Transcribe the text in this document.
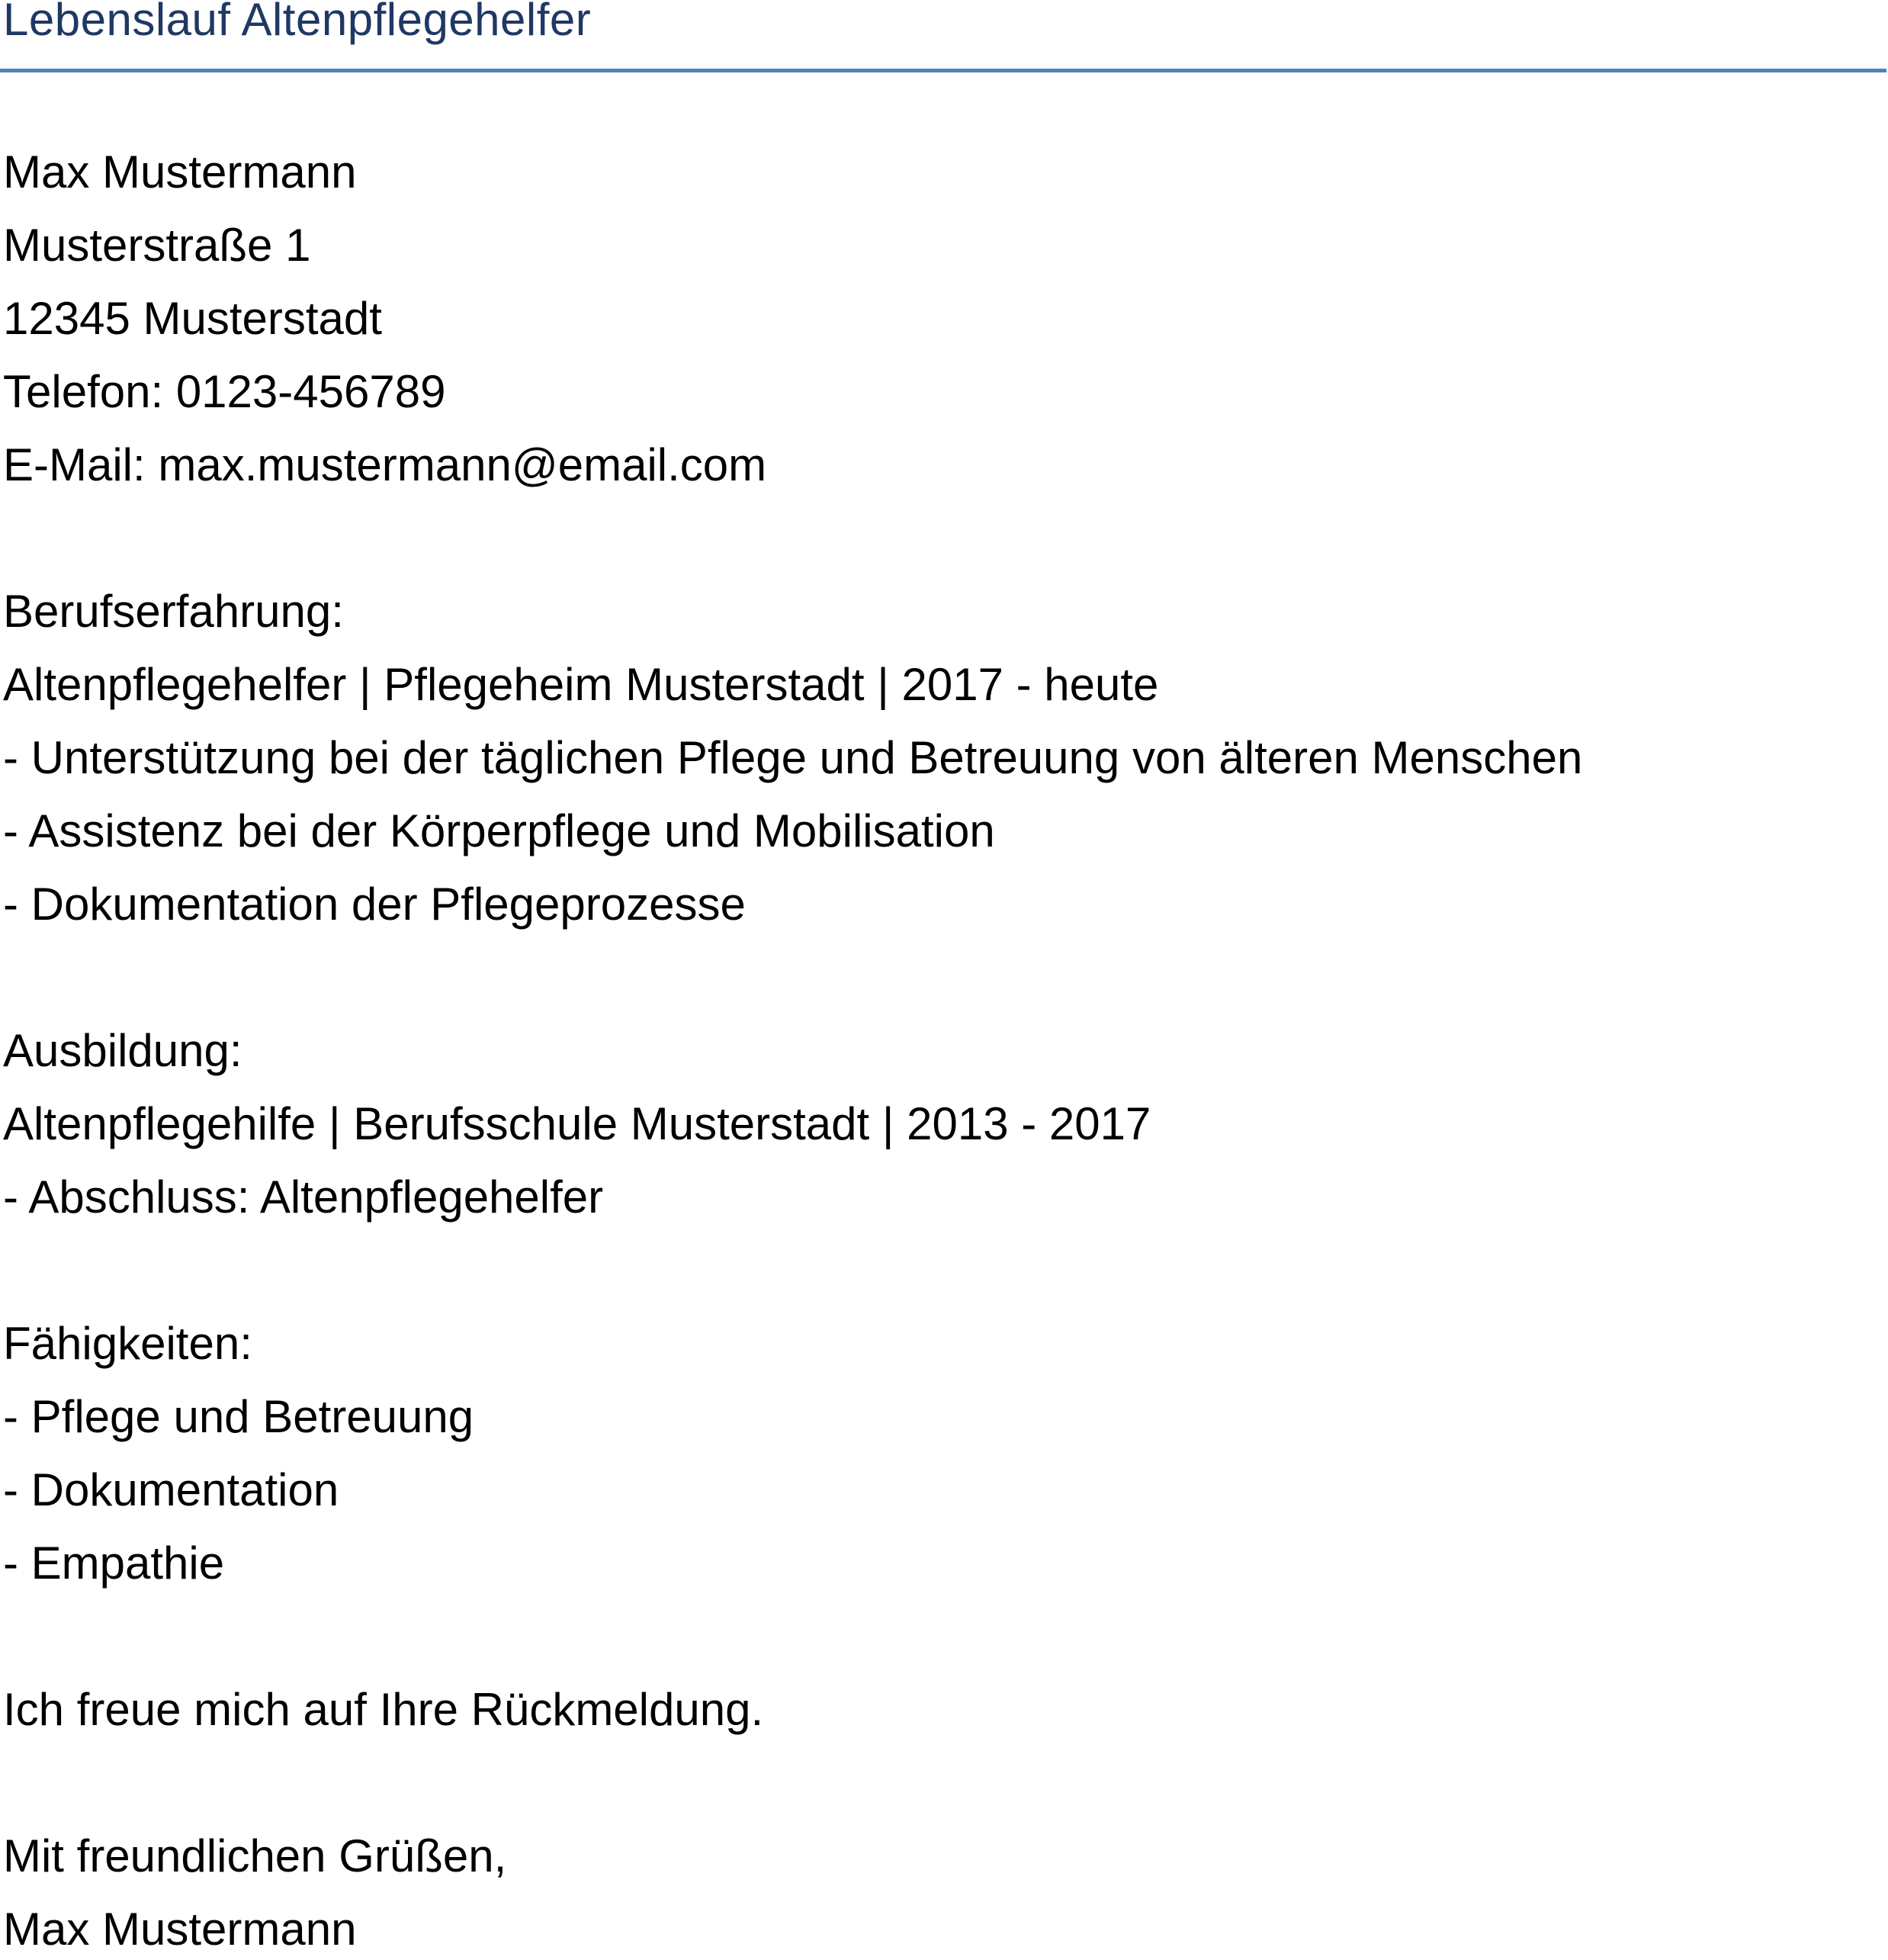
Lebenslauf Altenpflegehelfer
Max Mustermann
Musterstraße 1
12345 Musterstadt
Telefon: 0123-456789
E-Mail: max.mustermann@email.com
Berufserfahrung:
Altenpflegehelfer | Pflegeheim Musterstadt | 2017 - heute
- Unterstützung bei der täglichen Pflege und Betreuung von älteren Menschen
- Assistenz bei der Körperpflege und Mobilisation
- Dokumentation der Pflegeprozesse
Ausbildung:
Altenpflegehilfe | Berufsschule Musterstadt | 2013 - 2017
- Abschluss: Altenpflegehelfer
Fähigkeiten:
- Pflege und Betreuung
- Dokumentation
- Empathie
Ich freue mich auf Ihre Rückmeldung.
Mit freundlichen Grüßen,
Max Mustermann
